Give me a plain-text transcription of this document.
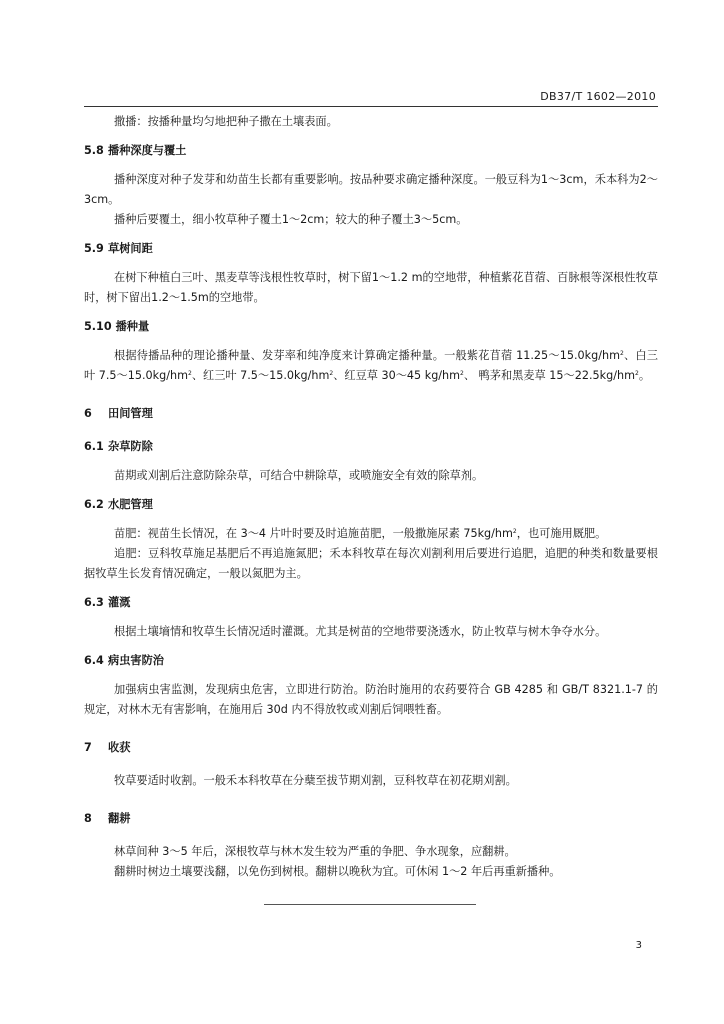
DB37/T 1602—2010

撒播：按播种量均匀地把种子撒在土壤表面。

5.8 播种深度与覆土

播种深度对种子发芽和幼苗生长都有重要影响。按品种要求确定播种深度。一般豆科为1～3cm，禾本科为2～3cm。

播种后要覆土，细小牧草种子覆土1～2cm；较大的种子覆土3～5cm。

5.9 草树间距

在树下种植白三叶、黑麦草等浅根性牧草时，树下留1～1.2 m的空地带，种植紫花苜蓿、百脉根等深根性牧草时，树下留出1.2～1.5m的空地带。

5.10 播种量

根据待播品种的理论播种量、发芽率和纯净度来计算确定播种量。一般紫花苜蓿 $11.25\sim 15.0kg/hm^2$、白三叶 $7.5\sim 15.0kg/hm^2$、红三叶 $7.5\sim 15.0kg/hm^2$、红豆草 30～45 $kg/hm^2$、 鸭茅和黑麦草 $15\sim 22.5kg/hm^2$。

6 田间管理
6.1 杂草防除

苗期或刈割后注意防除杂草，可结合中耕除草，或喷施安全有效的除草剂。

6.2 水肥管理

苗肥：视苗生长情况，在 3～4 片叶时要及时追施苗肥，一般撒施尿素 $75kg/hm^2$，也可施用厩肥。

追肥：豆科牧草施足基肥后不再追施氮肥；禾本科牧草在每次刈割利用后要进行追肥，追肥的种类和数量要根据牧草生长发育情况确定，一般以氮肥为主。

6.3 灌溉

根据土壤墒情和牧草生长情况适时灌溉。尤其是树苗的空地带要浇透水，防止牧草与树木争夺水分。

6.4 病虫害防治

加强病虫害监测，发现病虫危害，立即进行防治。防治时施用的农药要符合 GB 4285 和 GB/T 8321.1-7 的规定，对林木无有害影响，在施用后 30d 内不得放牧或刈割后饲喂牲畜。

7 收获

牧草要适时收割。一般禾本科牧草在分蘖至拔节期刈割，豆科牧草在初花期刈割。

8 翻耕

林草间种 3～5 年后，深根牧草与林木发生较为严重的争肥、争水现象，应翻耕。

翻耕时树边土壤要浅翻，以免伤到树根。翻耕以晚秋为宜。可休闲 1～2 年后再重新播种。

3
